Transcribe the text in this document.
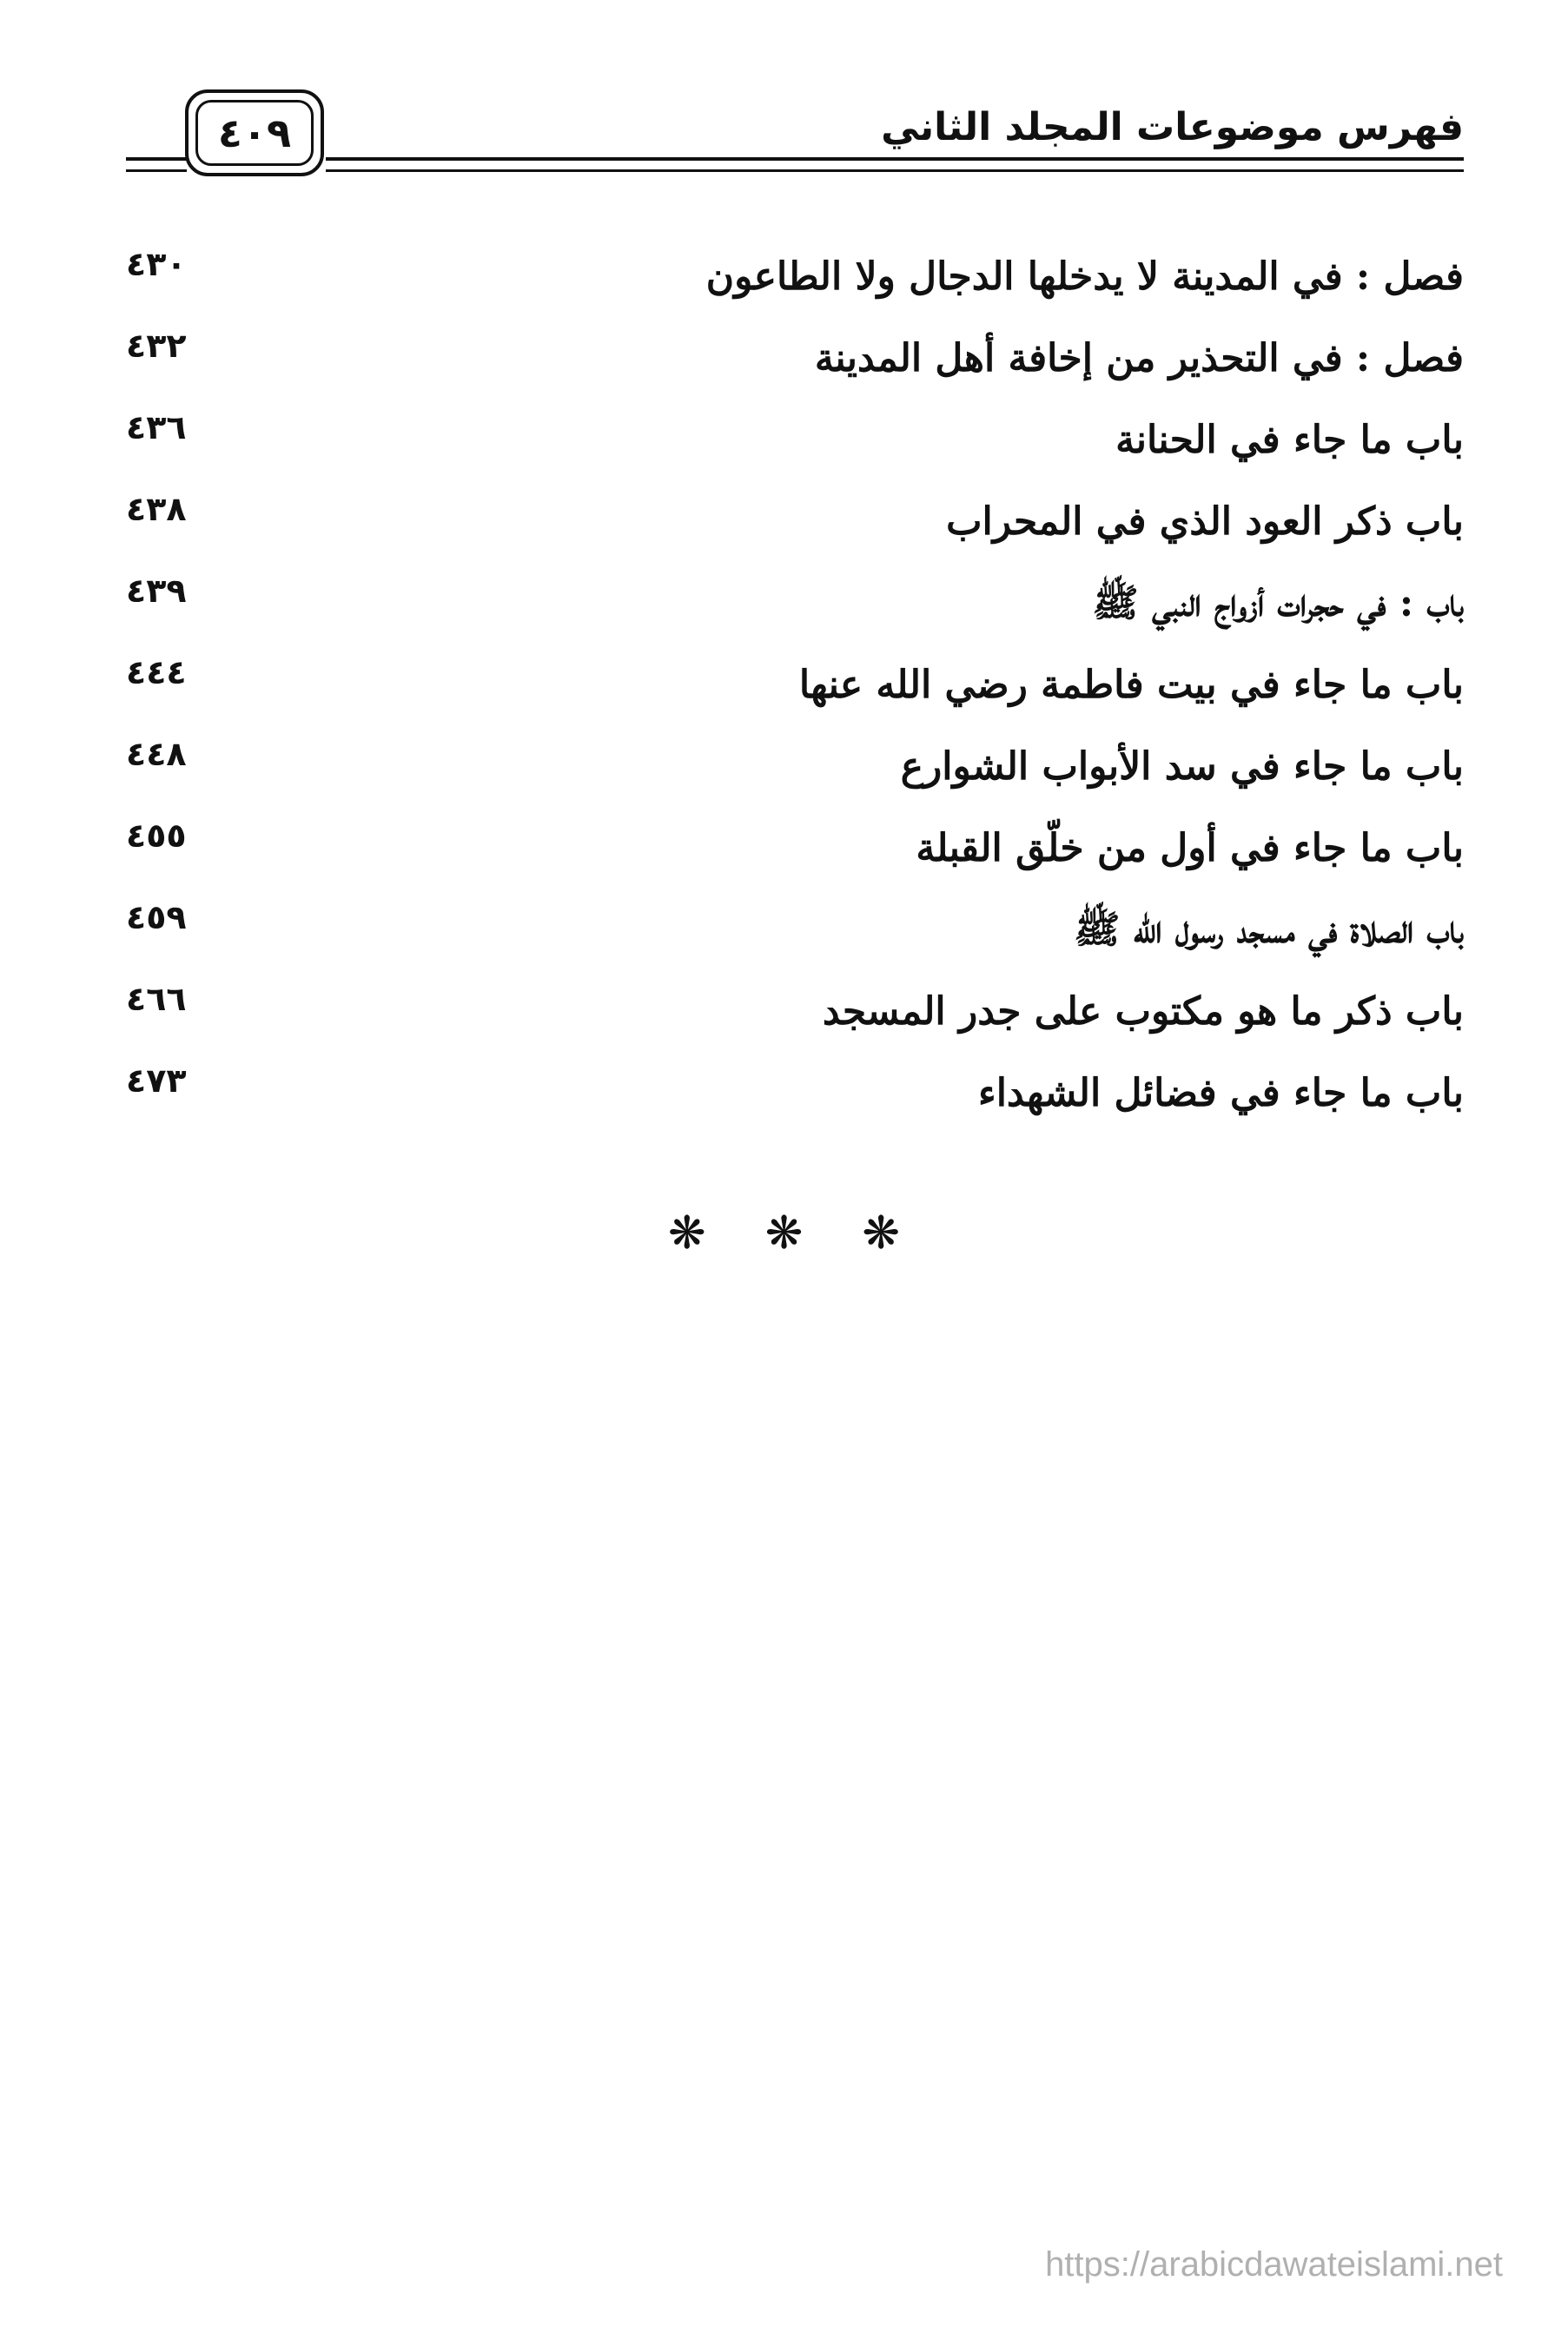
٤٠٩	فهرس موضوعات المجلد الثاني
فصل : في المدينة لا يدخلها الدجال ولا الطاعون
٤٣٠
فصل : في التحذير من إخافة أهل المدينة
٤٣٢
باب ما جاء في الحنانة
٤٣٦
باب ذكر العود الذي في المحراب
٤٣٨
باب : في حجرات أزواج النبي ﷺ
٤٣٩
باب ما جاء في بيت فاطمة رضي الله عنها
٤٤٤
باب ما جاء في سد الأبواب الشوارع
٤٤٨
باب ما جاء في أول من خلّق القبلة
٤٥٥
باب الصلاة في مسجد رسول الله ﷺ
٤٥٩
باب ذكر ما هو مكتوب على جدر المسجد
٤٦٦
باب ما جاء في فضائل الشهداء
٤٧٣
❋ ❋ ❋
https://arabicdawateislami.net
